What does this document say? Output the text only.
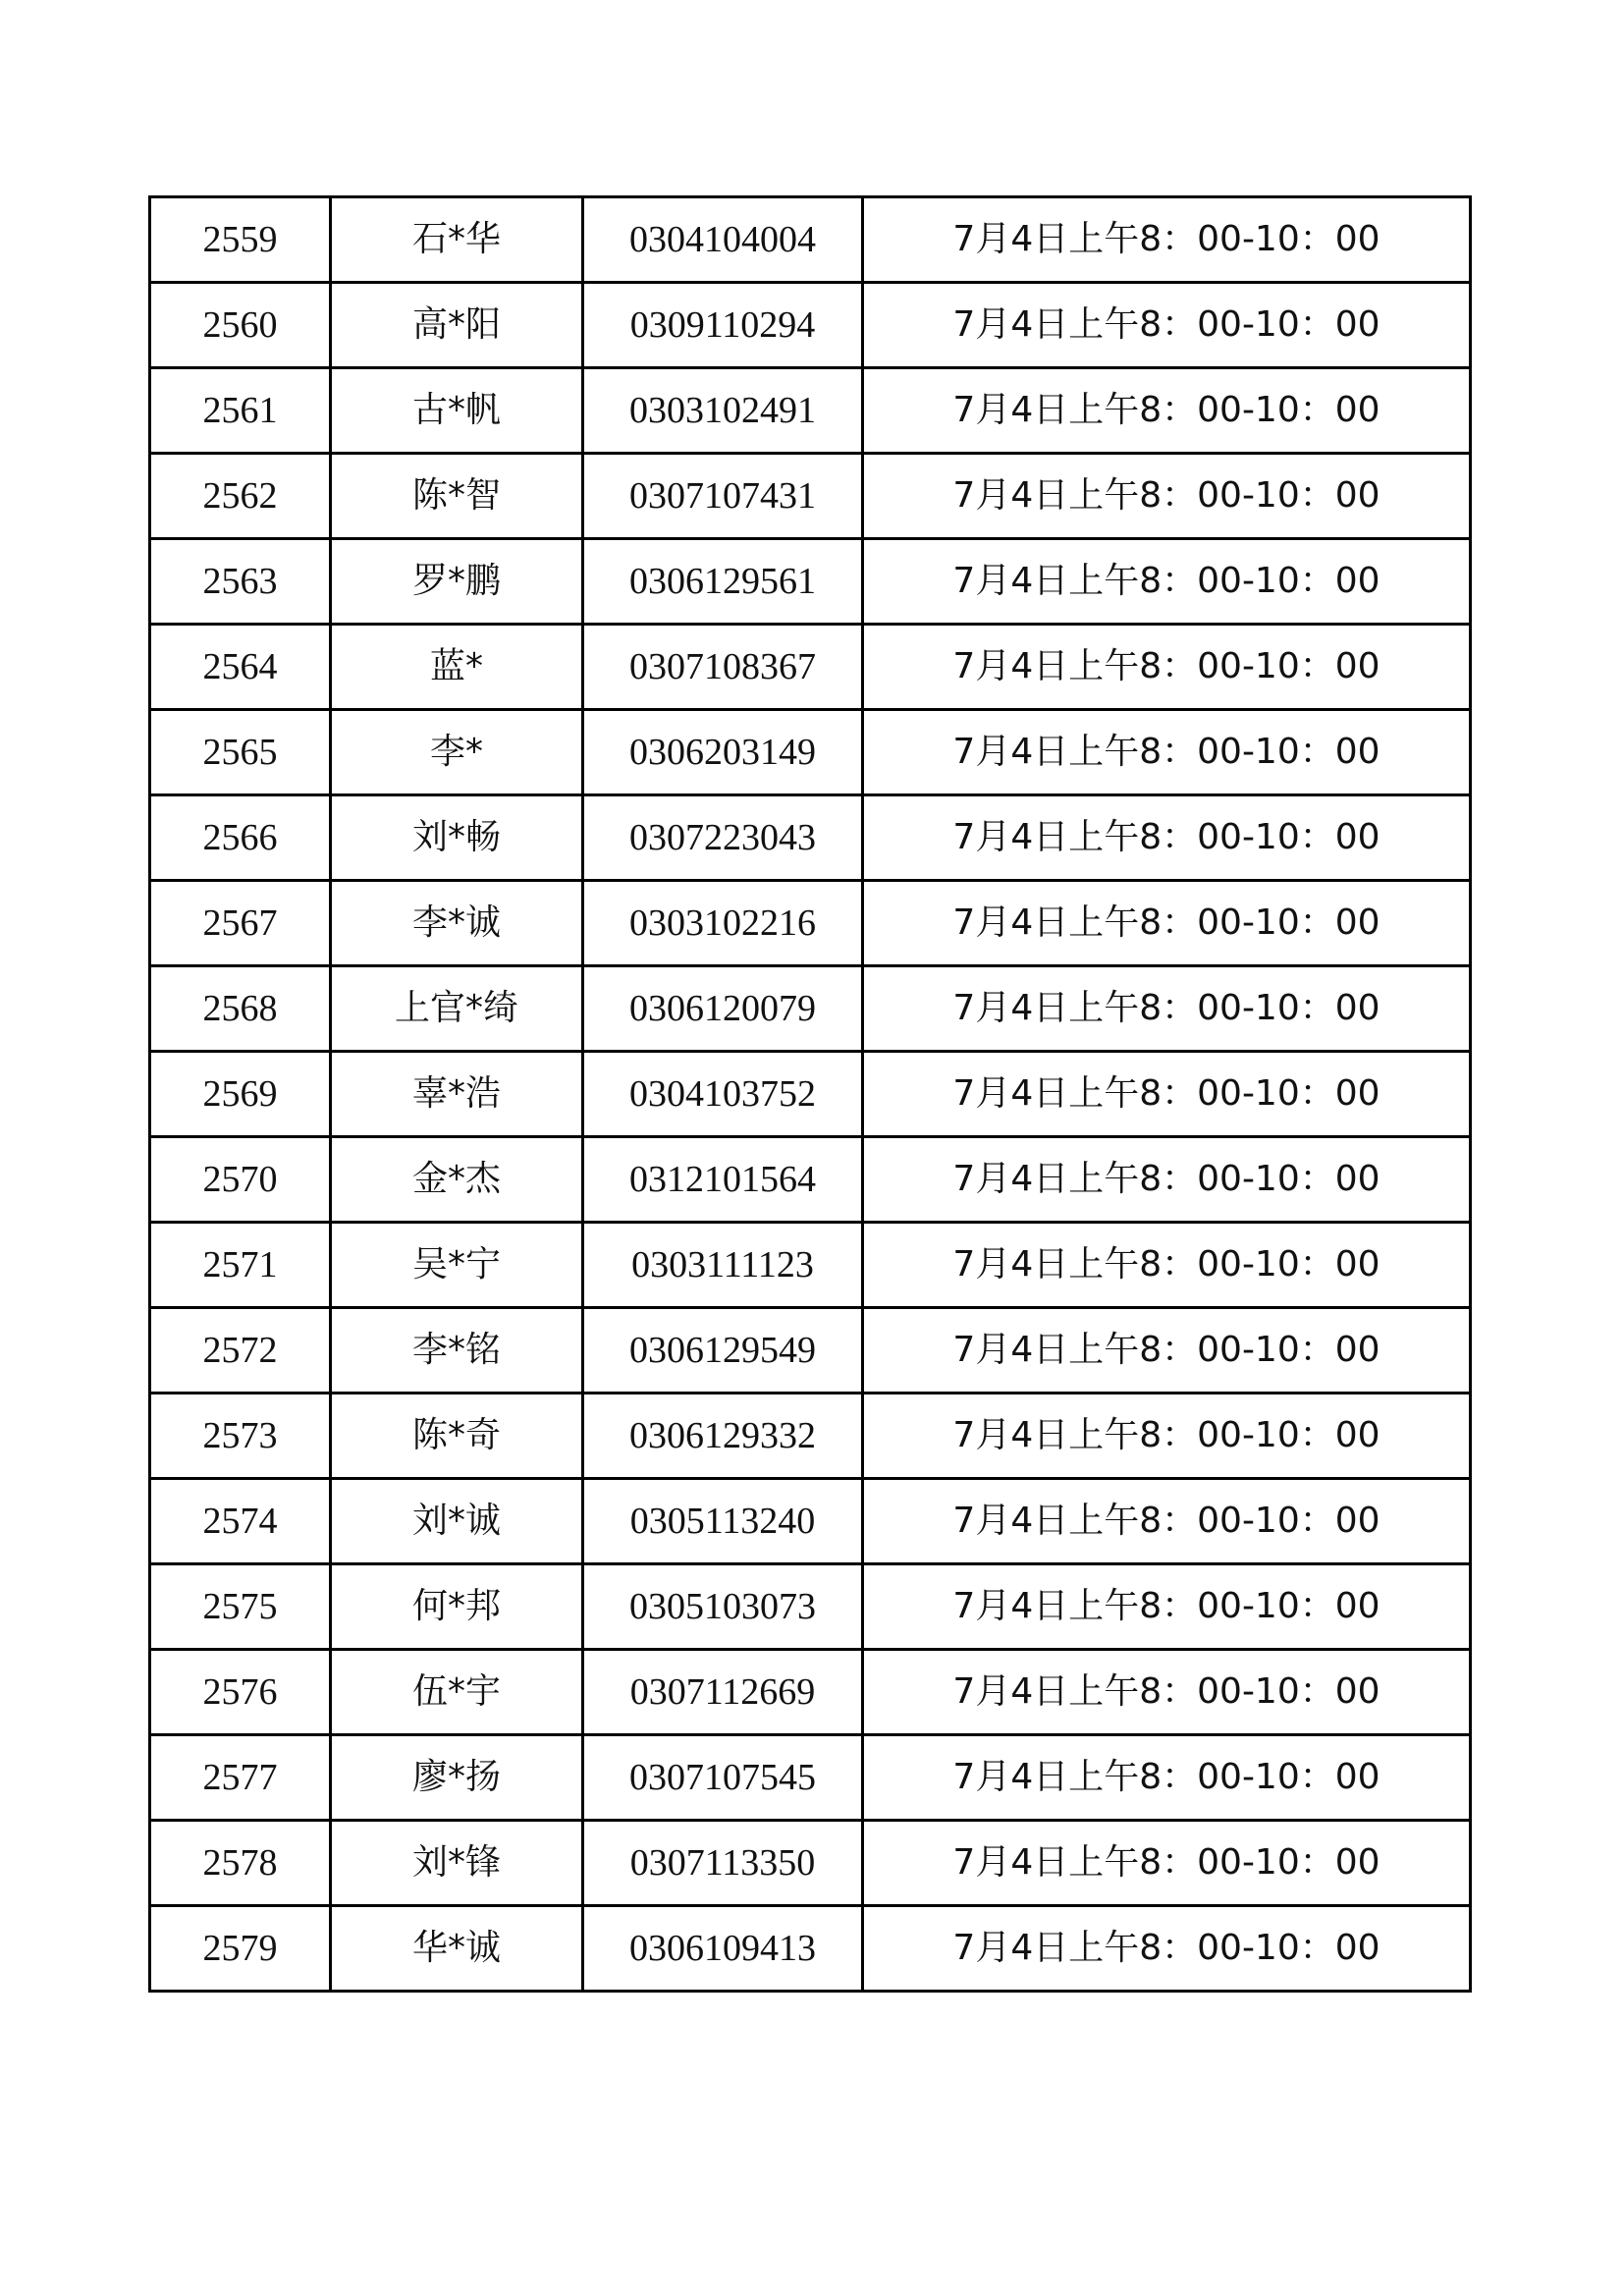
2559	石*华	0304104004	7月4日上午8：00-10：00
2560	高*阳	0309110294	7月4日上午8：00-10：00
2561	古*帆	0303102491	7月4日上午8：00-10：00
2562	陈*智	0307107431	7月4日上午8：00-10：00
2563	罗*鹏	0306129561	7月4日上午8：00-10：00
2564	蓝*	0307108367	7月4日上午8：00-10：00
2565	李*	0306203149	7月4日上午8：00-10：00
2566	刘*畅	0307223043	7月4日上午8：00-10：00
2567	李*诚	0303102216	7月4日上午8：00-10：00
2568	上官*绮	0306120079	7月4日上午8：00-10：00
2569	辜*浩	0304103752	7月4日上午8：00-10：00
2570	金*杰	0312101564	7月4日上午8：00-10：00
2571	吴*宁	0303111123	7月4日上午8：00-10：00
2572	李*铭	0306129549	7月4日上午8：00-10：00
2573	陈*奇	0306129332	7月4日上午8：00-10：00
2574	刘*诚	0305113240	7月4日上午8：00-10：00
2575	何*邦	0305103073	7月4日上午8：00-10：00
2576	伍*宇	0307112669	7月4日上午8：00-10：00
2577	廖*扬	0307107545	7月4日上午8：00-10：00
2578	刘*锋	0307113350	7月4日上午8：00-10：00
2579	华*诚	0306109413	7月4日上午8：00-10：00
